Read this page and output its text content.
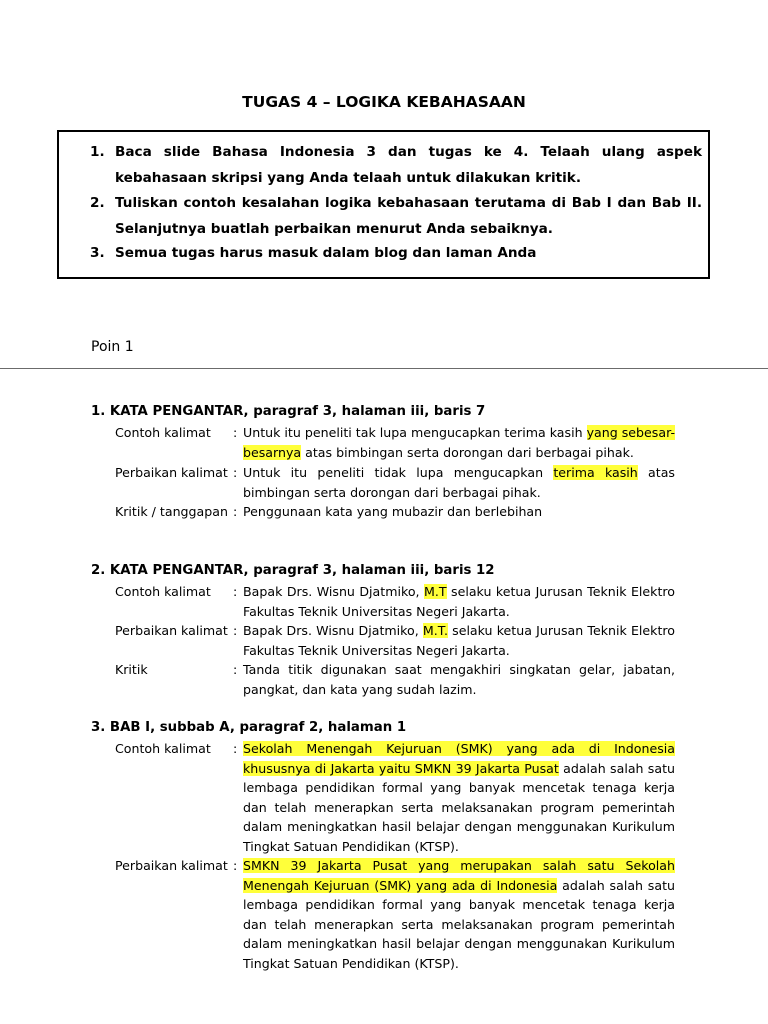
TUGAS 4 – LOGIKA KEBAHASAAN
1. Baca slide Bahasa Indonesia 3 dan tugas ke 4. Telaah ulang aspek kebahasaan skripsi yang Anda telaah untuk dilakukan kritik.
2. Tuliskan contoh kesalahan logika kebahasaan terutama di Bab I dan Bab II. Selanjutnya buatlah perbaikan menurut Anda sebaiknya.
3. Semua tugas harus masuk dalam blog dan laman Anda
Poin 1
1. KATA PENGANTAR, paragraf 3, halaman iii, baris 7
Contoh kalimat : Untuk itu peneliti tak lupa mengucapkan terima kasih yang sebesar-besarnya atas bimbingan serta dorongan dari berbagai pihak.
Perbaikan kalimat : Untuk itu peneliti tidak lupa mengucapkan terima kasih atas bimbingan serta dorongan dari berbagai pihak.
Kritik / tanggapan : Penggunaan kata yang mubazir dan berlebihan
2. KATA PENGANTAR, paragraf 3, halaman iii, baris 12
Contoh kalimat : Bapak Drs. Wisnu Djatmiko, M.T selaku ketua Jurusan Teknik Elektro Fakultas Teknik Universitas Negeri Jakarta.
Perbaikan kalimat : Bapak Drs. Wisnu Djatmiko, M.T. selaku ketua Jurusan Teknik Elektro Fakultas Teknik Universitas Negeri Jakarta.
Kritik	: Tanda titik digunakan saat mengakhiri singkatan gelar, jabatan, pangkat, dan kata yang sudah lazim.
3. BAB I, subbab A, paragraf 2, halaman 1
Contoh kalimat : Sekolah Menengah Kejuruan (SMK) yang ada di Indonesia khususnya di Jakarta yaitu SMKN 39 Jakarta Pusat adalah salah satu lembaga pendidikan formal yang banyak mencetak tenaga kerja dan telah menerapkan serta melaksanakan program pemerintah dalam meningkatkan hasil belajar dengan menggunakan Kurikulum Tingkat Satuan Pendidikan (KTSP).
Perbaikan kalimat : SMKN 39 Jakarta Pusat yang merupakan salah satu Sekolah Menengah Kejuruan (SMK) yang ada di Indonesia adalah salah satu lembaga pendidikan formal yang banyak mencetak tenaga kerja dan telah menerapkan serta melaksanakan program pemerintah dalam meningkatkan hasil belajar dengan menggunakan Kurikulum Tingkat Satuan Pendidikan (KTSP).
